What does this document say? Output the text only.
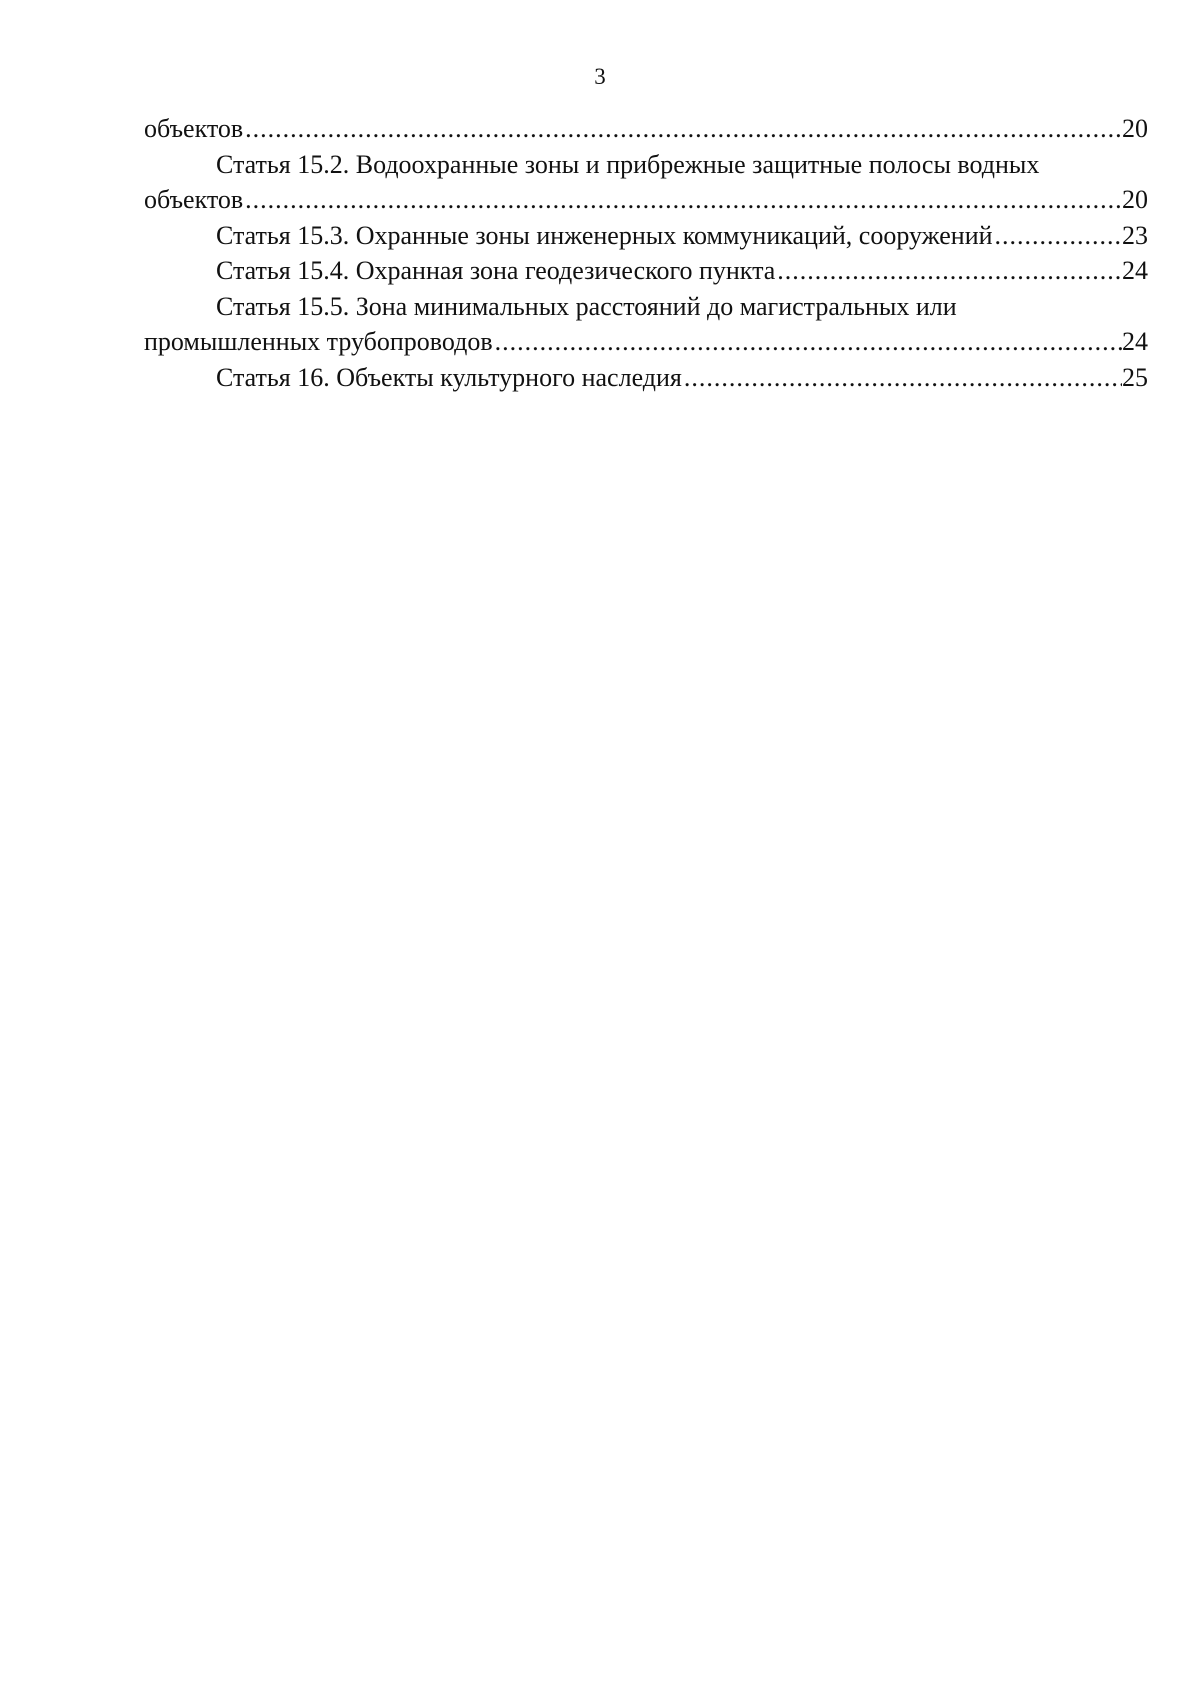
3
объектов .....	20
Статья 15.2. Водоохранные зоны и прибрежные защитные полосы водных
объектов .....	20
Статья 15.3. Охранные зоны инженерных коммуникаций, сооружений .....	23
Статья 15.4. Охранная зона геодезического пункта .....	24
Статья 15.5. Зона минимальных расстояний до магистральных или
промышленных трубопроводов .....	24
Статья 16. Объекты культурного наследия .....	25
